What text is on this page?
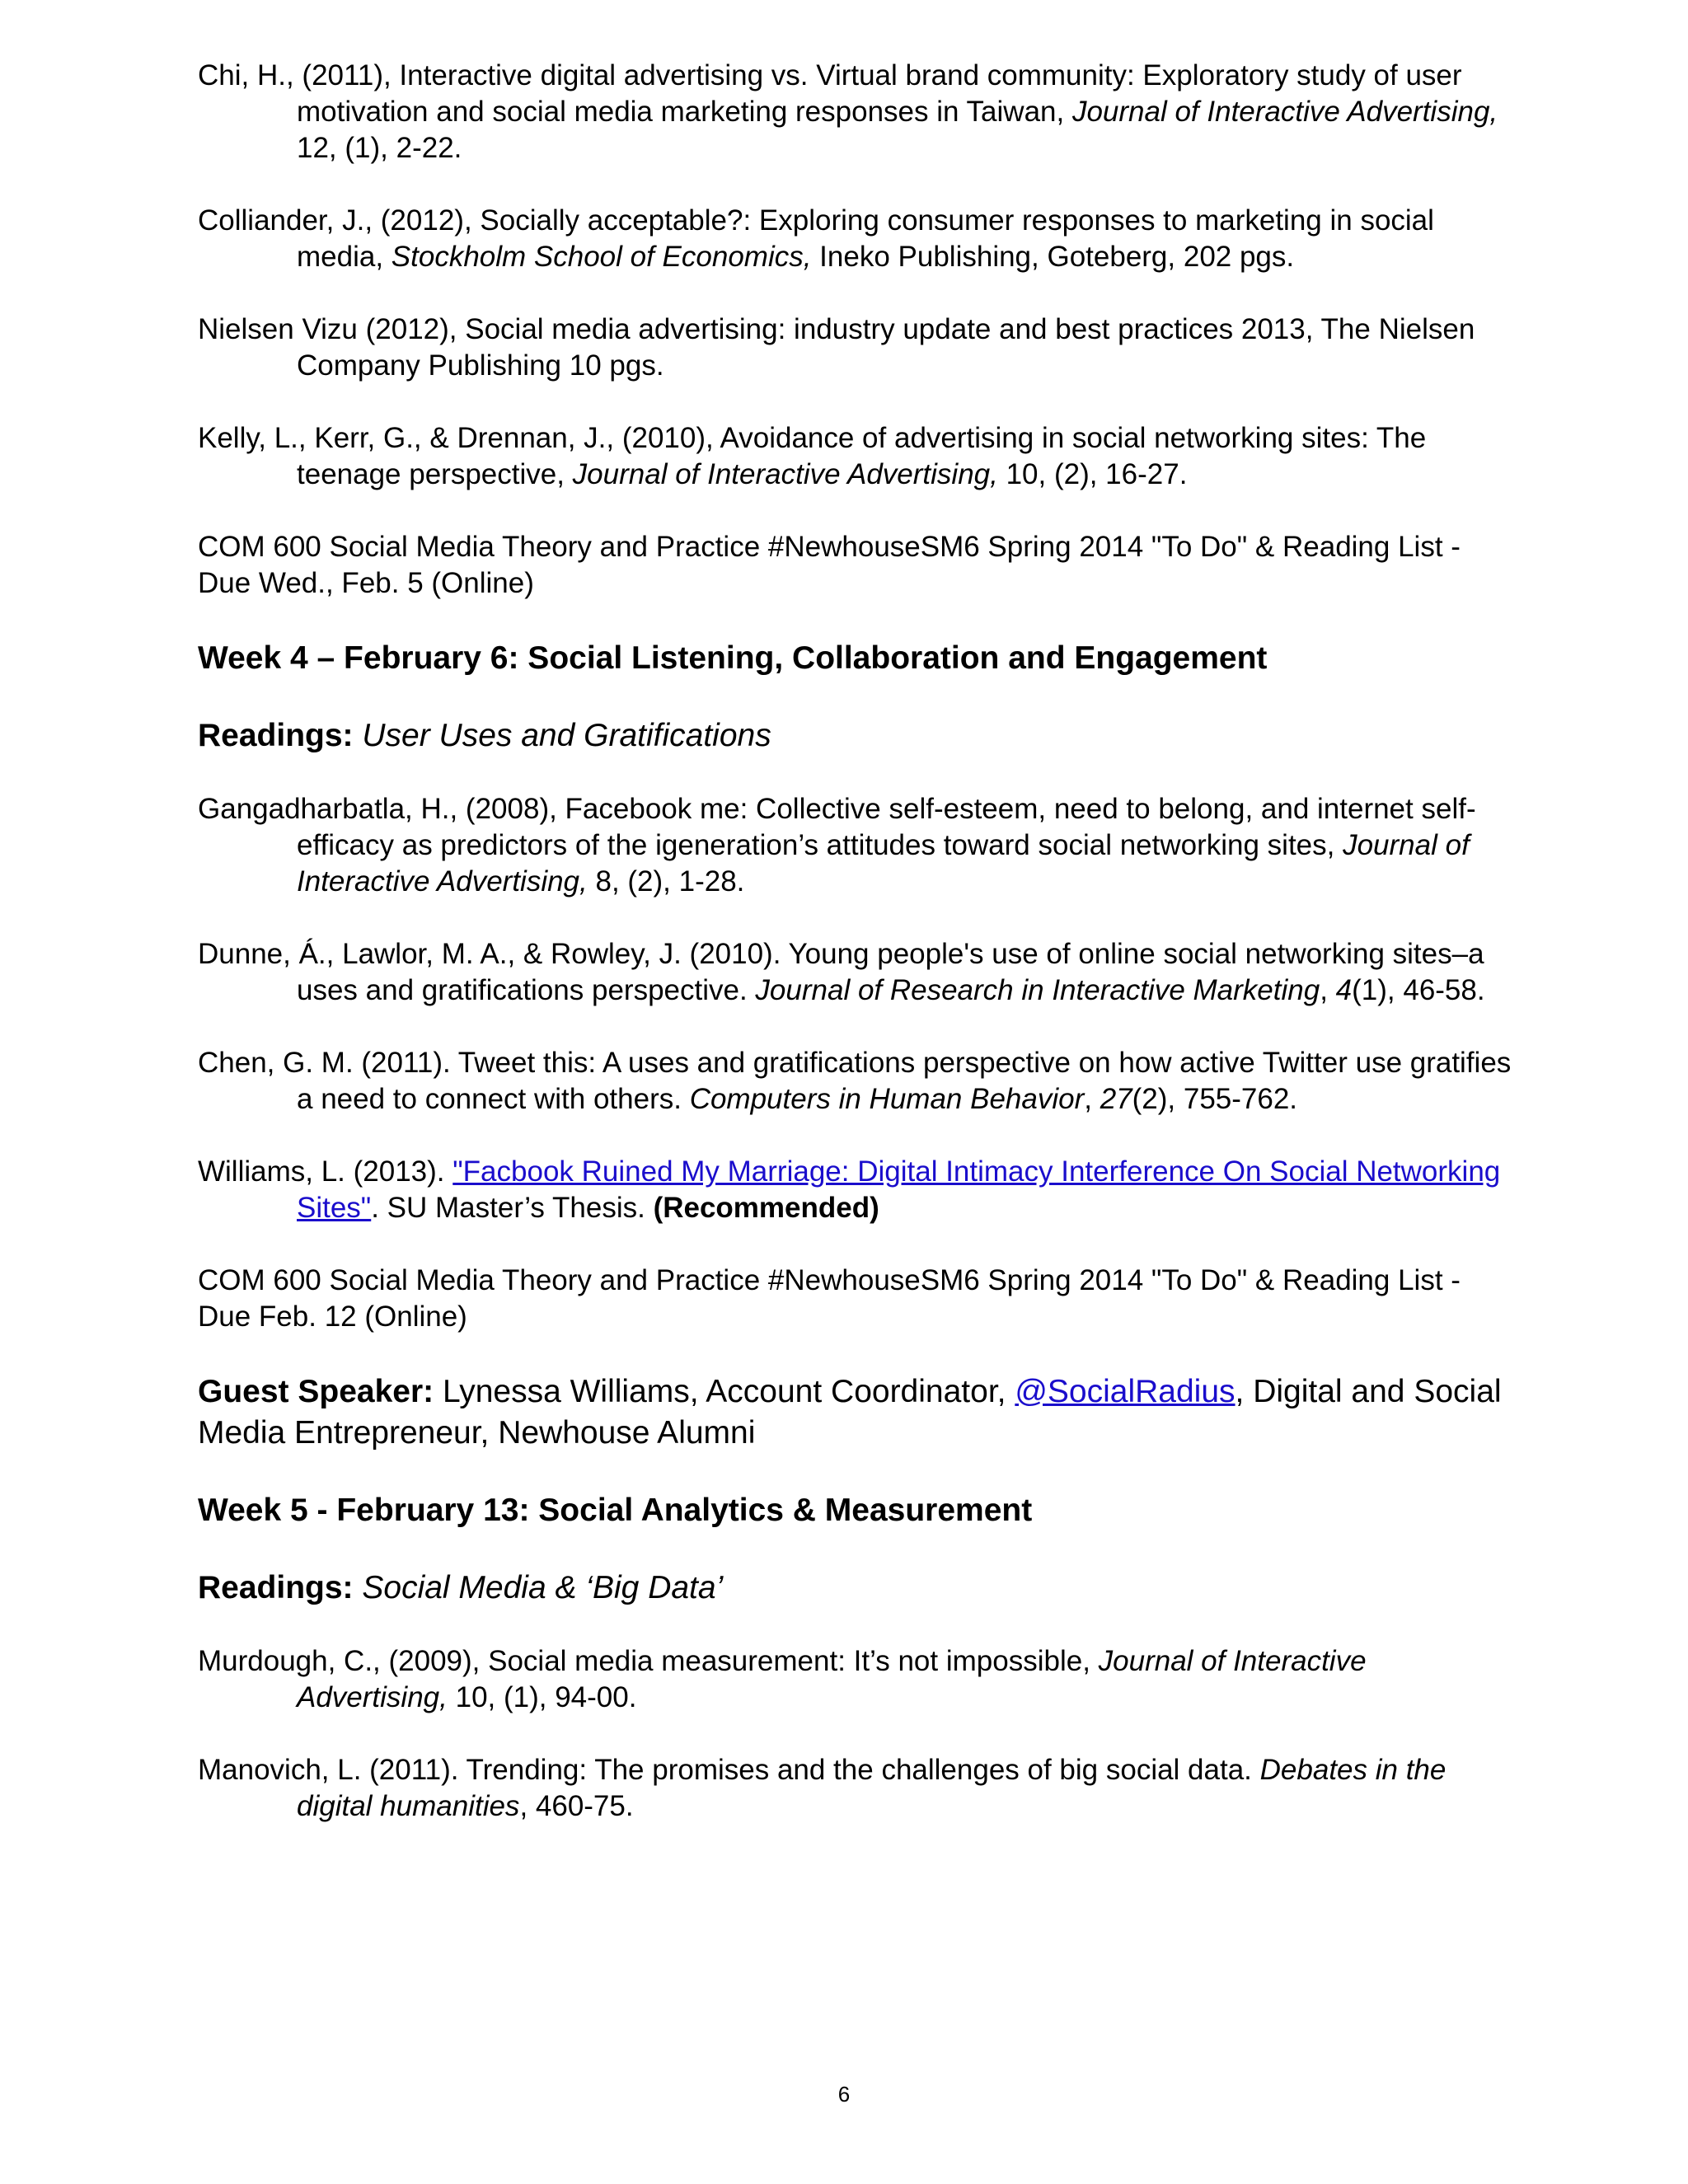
Chi, H., (2011), Interactive digital advertising vs. Virtual brand community: Exploratory study of user motivation and social media marketing responses in Taiwan, Journal of Interactive Advertising, 12, (1), 2-22.

Colliander, J., (2012), Socially acceptable?: Exploring consumer responses to marketing in social media, Stockholm School of Economics, Ineko Publishing, Goteberg, 202 pgs.

Nielsen Vizu (2012), Social media advertising: industry update and best practices 2013, The Nielsen Company Publishing 10 pgs.

Kelly, L., Kerr, G., & Drennan, J., (2010), Avoidance of advertising in social networking sites: The teenage perspective, Journal of Interactive Advertising, 10, (2), 16-27.

COM 600 Social Media Theory and Practice #NewhouseSM6 Spring 2014 "To Do" & Reading List - Due Wed., Feb. 5 (Online)

Week 4 – February 6: Social Listening, Collaboration and Engagement

Readings: User Uses and Gratifications

Gangadharbatla, H., (2008), Facebook me: Collective self-esteem, need to belong, and internet self-efficacy as predictors of the igeneration’s attitudes toward social networking sites, Journal of Interactive Advertising, 8, (2), 1-28.

Dunne, Á., Lawlor, M. A., & Rowley, J. (2010). Young people's use of online social networking sites–a uses and gratifications perspective. Journal of Research in Interactive Marketing, 4(1), 46-58.

Chen, G. M. (2011). Tweet this: A uses and gratifications perspective on how active Twitter use gratifies a need to connect with others. Computers in Human Behavior, 27(2), 755-762.

Williams, L. (2013). "Facbook Ruined My Marriage: Digital Intimacy Interference On Social Networking Sites". SU Master’s Thesis. (Recommended)

COM 600 Social Media Theory and Practice #NewhouseSM6 Spring 2014 "To Do" & Reading List - Due Feb. 12 (Online)

Guest Speaker: Lynessa Williams, Account Coordinator, @SocialRadius, Digital and Social Media Entrepreneur, Newhouse Alumni

Week 5 - February 13: Social Analytics & Measurement

Readings: Social Media & ‘Big Data’

Murdough, C., (2009), Social media measurement: It’s not impossible, Journal of Interactive Advertising, 10, (1), 94-00.

Manovich, L. (2011). Trending: The promises and the challenges of big social data. Debates in the digital humanities, 460-75.

6
